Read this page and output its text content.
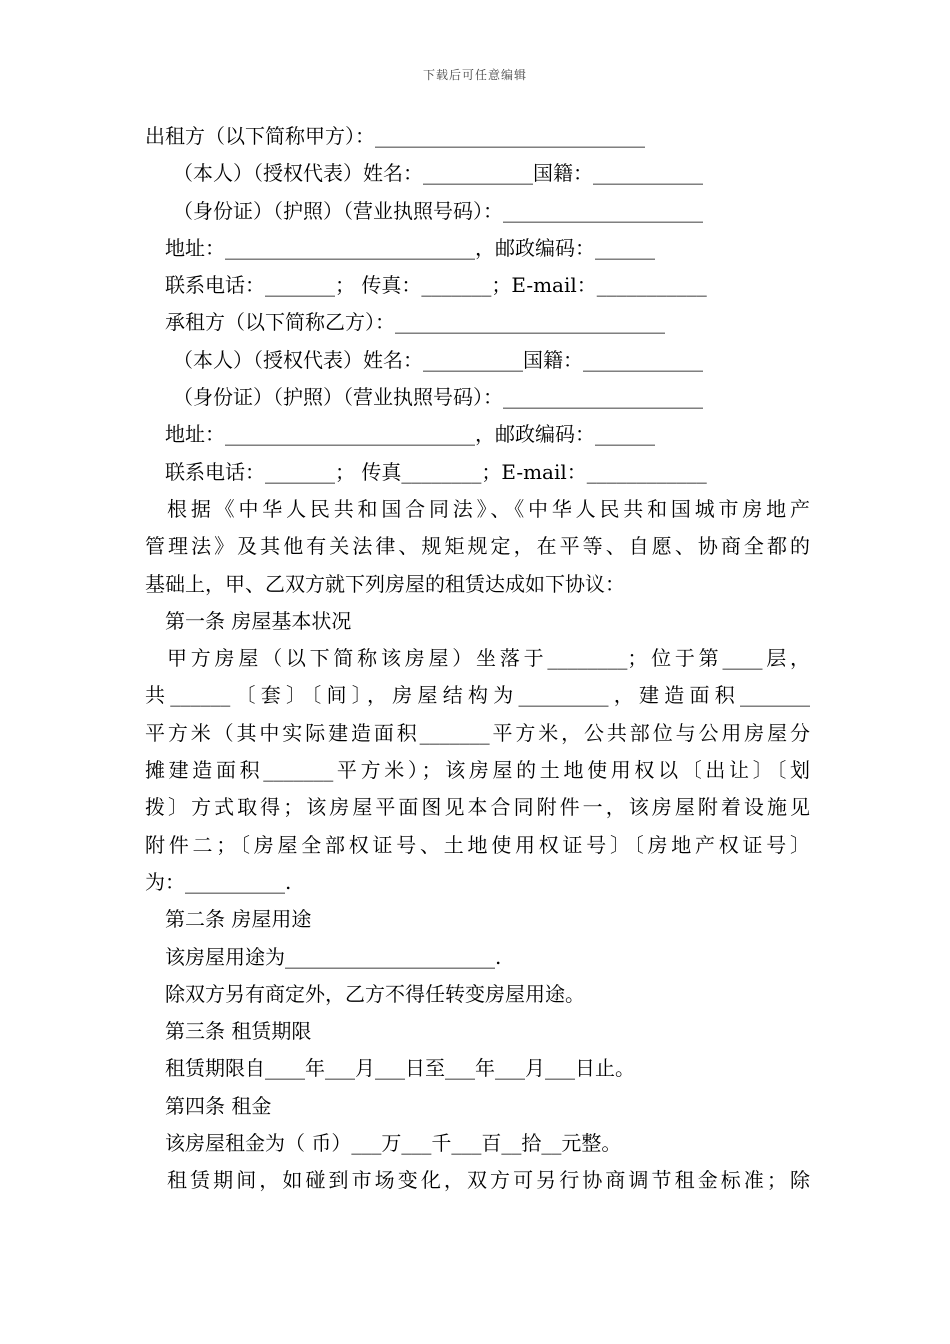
下载后可任意编辑
出租方（以下简称甲方）：___________________________
（本人）（授权代表）姓名：___________国籍：___________
（身份证）（护照）（营业执照号码）：____________________
地址：_________________________，邮政编码：______
联系电话：_______； 传真：_______；E-mail：___________
承租方（以下简称乙方）：___________________________
（本人）（授权代表）姓名：__________国籍：____________
（身份证）（护照）（营业执照号码）：____________________
地址：_________________________，邮政编码：______
联系电话：_______； 传真________；E-mail：____________
根据《中华人民共和国合同法》、《中华人民共和国城市房地产
管理法》及其他有关法律、规矩规定，在平等、自愿、协商全都的
基础上，甲、乙双方就下列房屋的租赁达成如下协议：
第一条 房屋基本状况
甲方房屋（以下简称该房屋）坐落于________；位于第____层，
共______〔套〕〔间〕，房屋结构为_________，建造面积_______
平方米（其中实际建造面积_______平方米，公共部位与公用房屋分
摊建造面积_______平方米）；该房屋的土地使用权以〔出让〕〔划
拨〕方式取得；该房屋平面图见本合同附件一，该房屋附着设施见
附件二；〔房屋全部权证号、土地使用权证号〕〔房地产权证号〕
为：__________.
第二条 房屋用途
该房屋用途为_____________________.
除双方另有商定外，乙方不得任转变房屋用途。
第三条 租赁期限
租赁期限自____年___月___日至___年___月___日止。
第四条 租金
该房屋租金为（ 币）___万___千___百__拾__元整。
租赁期间，如碰到市场变化，双方可另行协商调节租金标准；除
